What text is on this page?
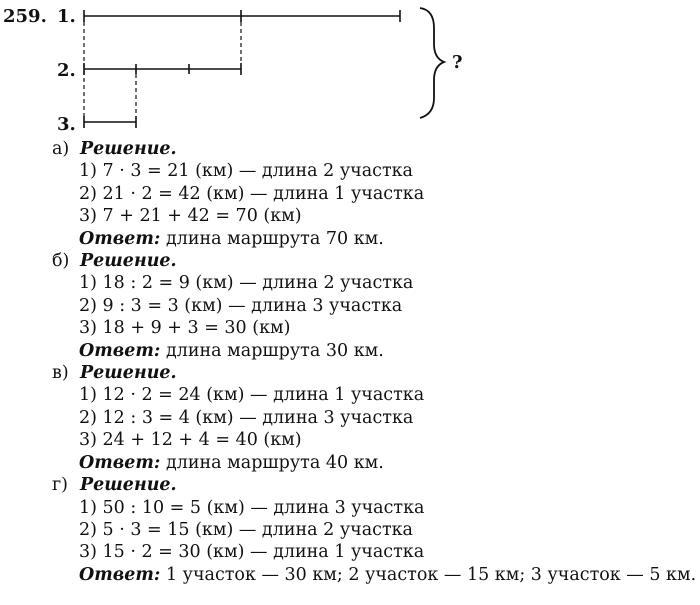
259. 1.
2.
3.
?

а) Решение.

1) 7 · 3 = 21 (км) — длина 2 участка

2) 21 · 2 = 42 (км) — длина 1 участка

3) 7 + 21 + 42 = 70 (км)

Ответ: длина маршрута 70 км.

б) Решение.

1) 18 : 2 = 9 (км) — длина 2 участка

2) 9 : 3 = 3 (км) — длина 3 участка

3) 18 + 9 + 3 = 30 (км)

Ответ: длина маршрута 30 км.

в) Решение.

1) 12 · 2 = 24 (км) — длина 1 участка

2) 12 : 3 = 4 (км) — длина 3 участка

3) 24 + 12 + 4 = 40 (км)

Ответ: длина маршрута 40 км.

г) Решение.

1) 50 : 10 = 5 (км) — длина 3 участка

2) 5 · 3 = 15 (км) — длина 2 участка

3) 15 · 2 = 30 (км) — длина 1 участка

Ответ: 1 участок — 30 км; 2 участок — 15 км; 3 участок — 5 км.
